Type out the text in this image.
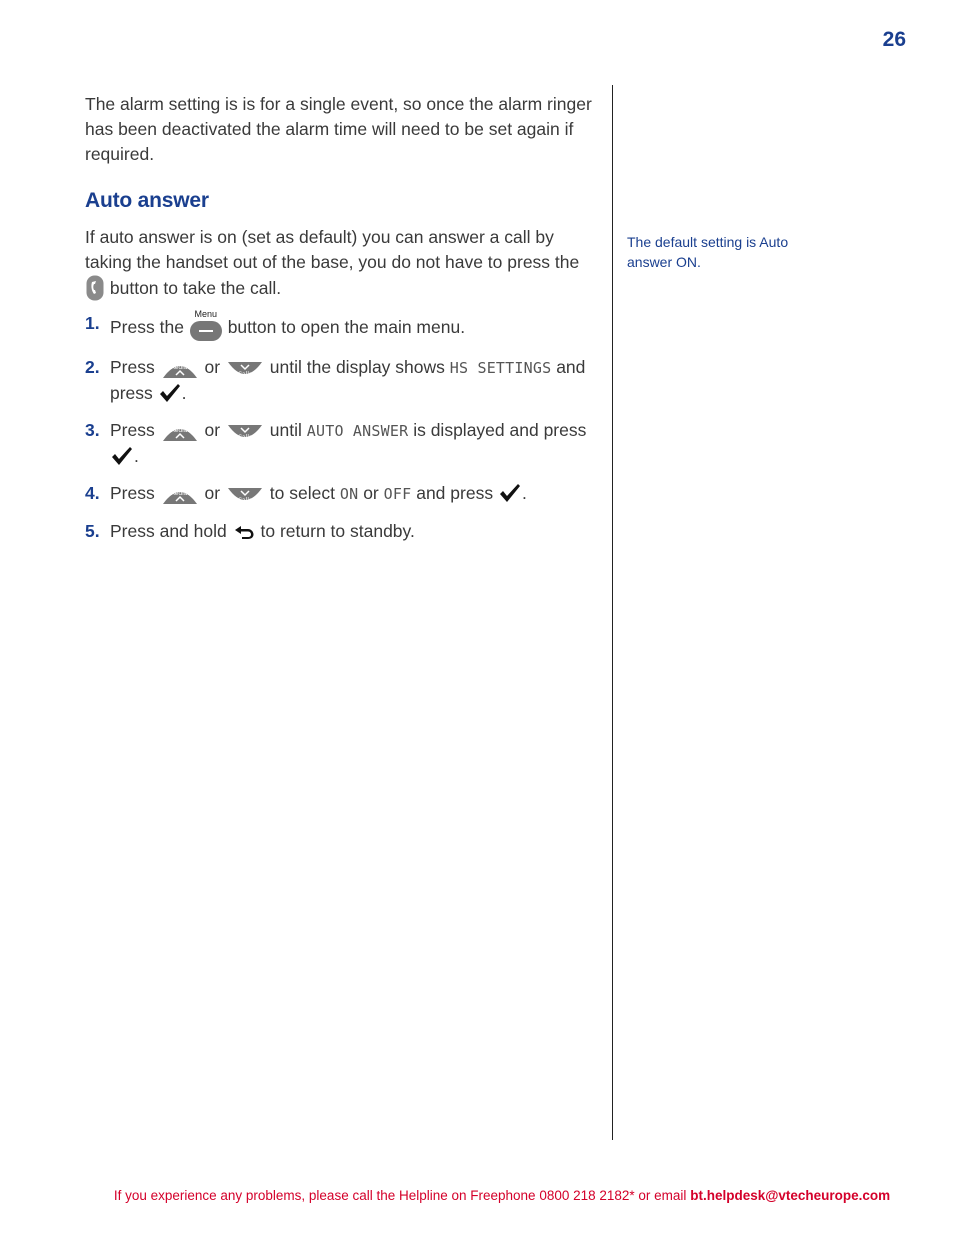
26

The alarm setting is is for a single event, so once the alarm ringer has been deactivated the alarm time will need to be set again if required.

Auto answer

If auto answer is on (set as default) you can answer a call by taking the handset out of the base, you do not have to press the
button to take the call.

1. Press the
Menu
button to open the main menu.
2. Press	Redial or	Calls until the display shows HS SETTINGS and press .
3. Press	Redial or	Calls until AUTO ANSWER is displayed and press
.
4. Press	Redial or	Calls to select ON or OFF and press .
5. Press and hold to return to standby.

The default setting is Auto answer ON.

If you experience any problems, please call the Helpline on Freephone 0800 218 2182* or email bt.helpdesk@vtecheurope.com
